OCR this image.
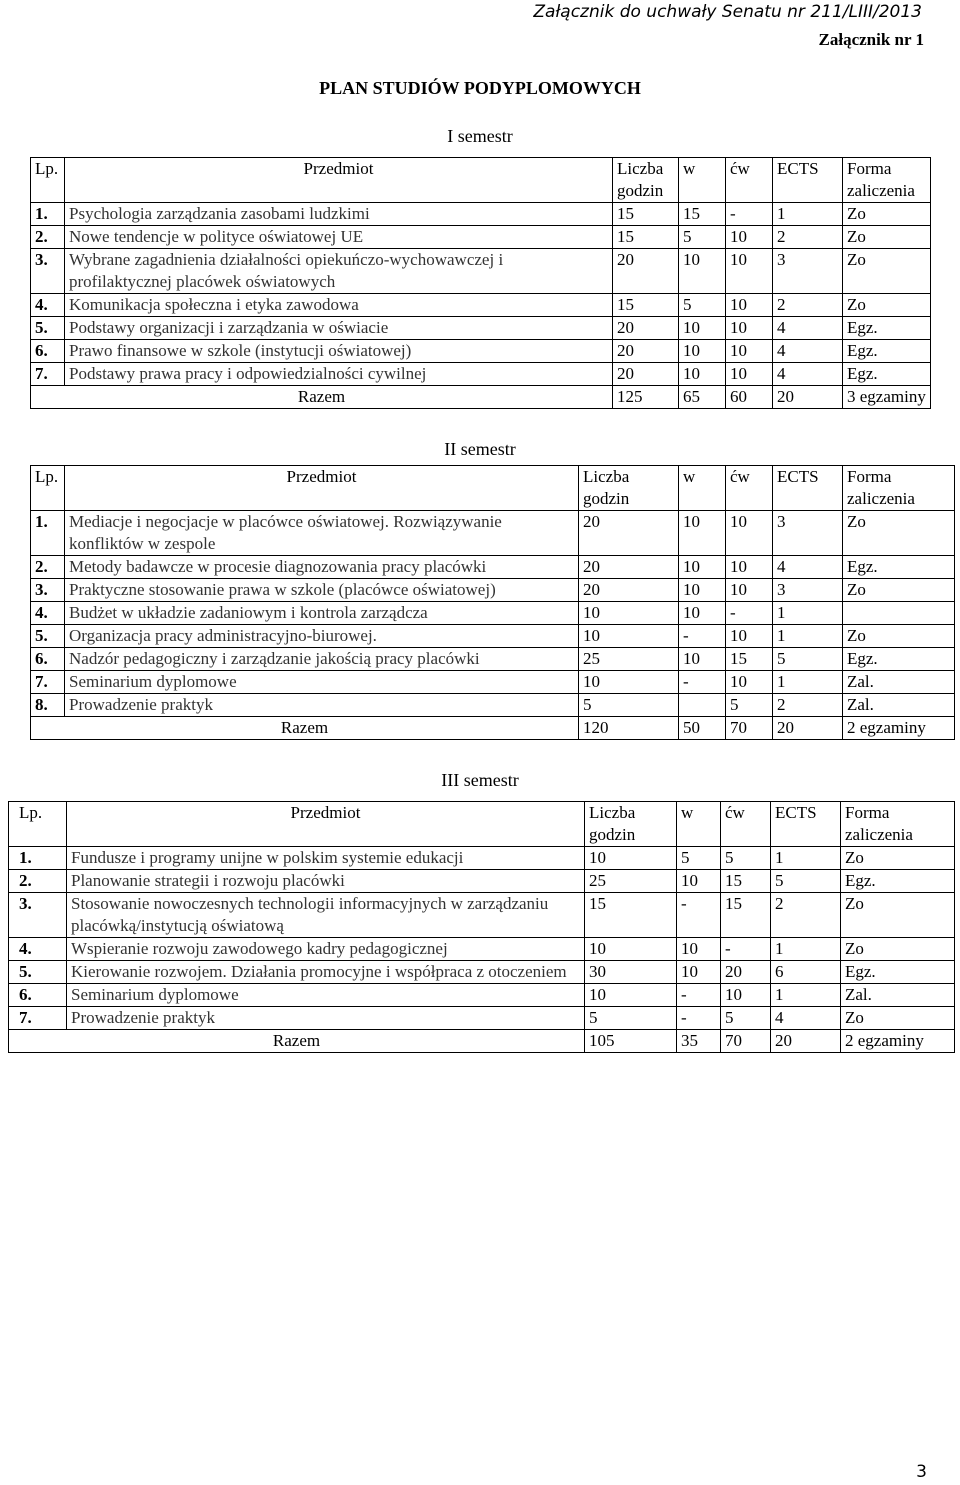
Załącznik do uchwały Senatu nr 211/LIII/2013
Załącznik nr 1
PLAN STUDIÓW PODYPLOMOWYCH
I semestr
Lp.	Przedmiot	Liczba godzin	w	ćw	ECTS	Forma zaliczenia
1.	Psychologia zarządzania zasobami ludzkimi	15	15	-	1	Zo
2.	Nowe tendencje w polityce oświatowej UE	15	5	10	2	Zo
3.	Wybrane zagadnienia działalności opiekuńczo-wychowawczej i profilaktycznej placówek oświatowych	20	10	10	3	Zo
4.	Komunikacja społeczna i etyka zawodowa	15	5	10	2	Zo
5.	Podstawy organizacji i zarządzania w oświacie	20	10	10	4	Egz.
6.	Prawo finansowe w szkole (instytucji oświatowej)	20	10	10	4	Egz.
7.	Podstawy prawa pracy i odpowiedzialności cywilnej	20	10	10	4	Egz.
Razem		125	65	60	20	3 egzaminy
II semestr
Lp.	Przedmiot	Liczba godzin	w	ćw	ECTS	Forma zaliczenia
1.	Mediacje i negocjacje w placówce oświatowej. Rozwiązywanie konfliktów w zespole	20	10	10	3	Zo
2.	Metody badawcze w procesie diagnozowania pracy placówki	20	10	10	4	Egz.
3.	Praktyczne stosowanie prawa w szkole (placówce oświatowej)	20	10	10	3	Zo
4.	Budżet w układzie zadaniowym i kontrola zarządcza	10	10	-	1	
5.	Organizacja pracy administracyjno-biurowej.	10	-	10	1	Zo
6.	Nadzór pedagogiczny i zarządzanie jakością pracy placówki	25	10	15	5	Egz.
7.	Seminarium dyplomowe	10	-	10	1	Zal.
8.	Prowadzenie praktyk	5		5	2	Zal.
Razem		120	50	70	20	2 egzaminy
III semestr
Lp.	Przedmiot	Liczba godzin	w	ćw	ECTS	Forma zaliczenia
1.	Fundusze i programy unijne w polskim systemie edukacji	10	5	5	1	Zo
2.	Planowanie strategii i rozwoju placówki	25	10	15	5	Egz.
3.	Stosowanie nowoczesnych technologii informacyjnych w zarządzaniu placówką/instytucją oświatową	15	-	15	2	Zo
4.	Wspieranie rozwoju zawodowego kadry pedagogicznej	10	10	-	1	Zo
5.	Kierowanie rozwojem. Działania promocyjne i współpraca z otoczeniem	30	10	20	6	Egz.
6.	Seminarium dyplomowe	10	-	10	1	Zal.
7.	Prowadzenie praktyk	5	-	5	4	Zo
Razem		105	35	70	20	2 egzaminy
3
